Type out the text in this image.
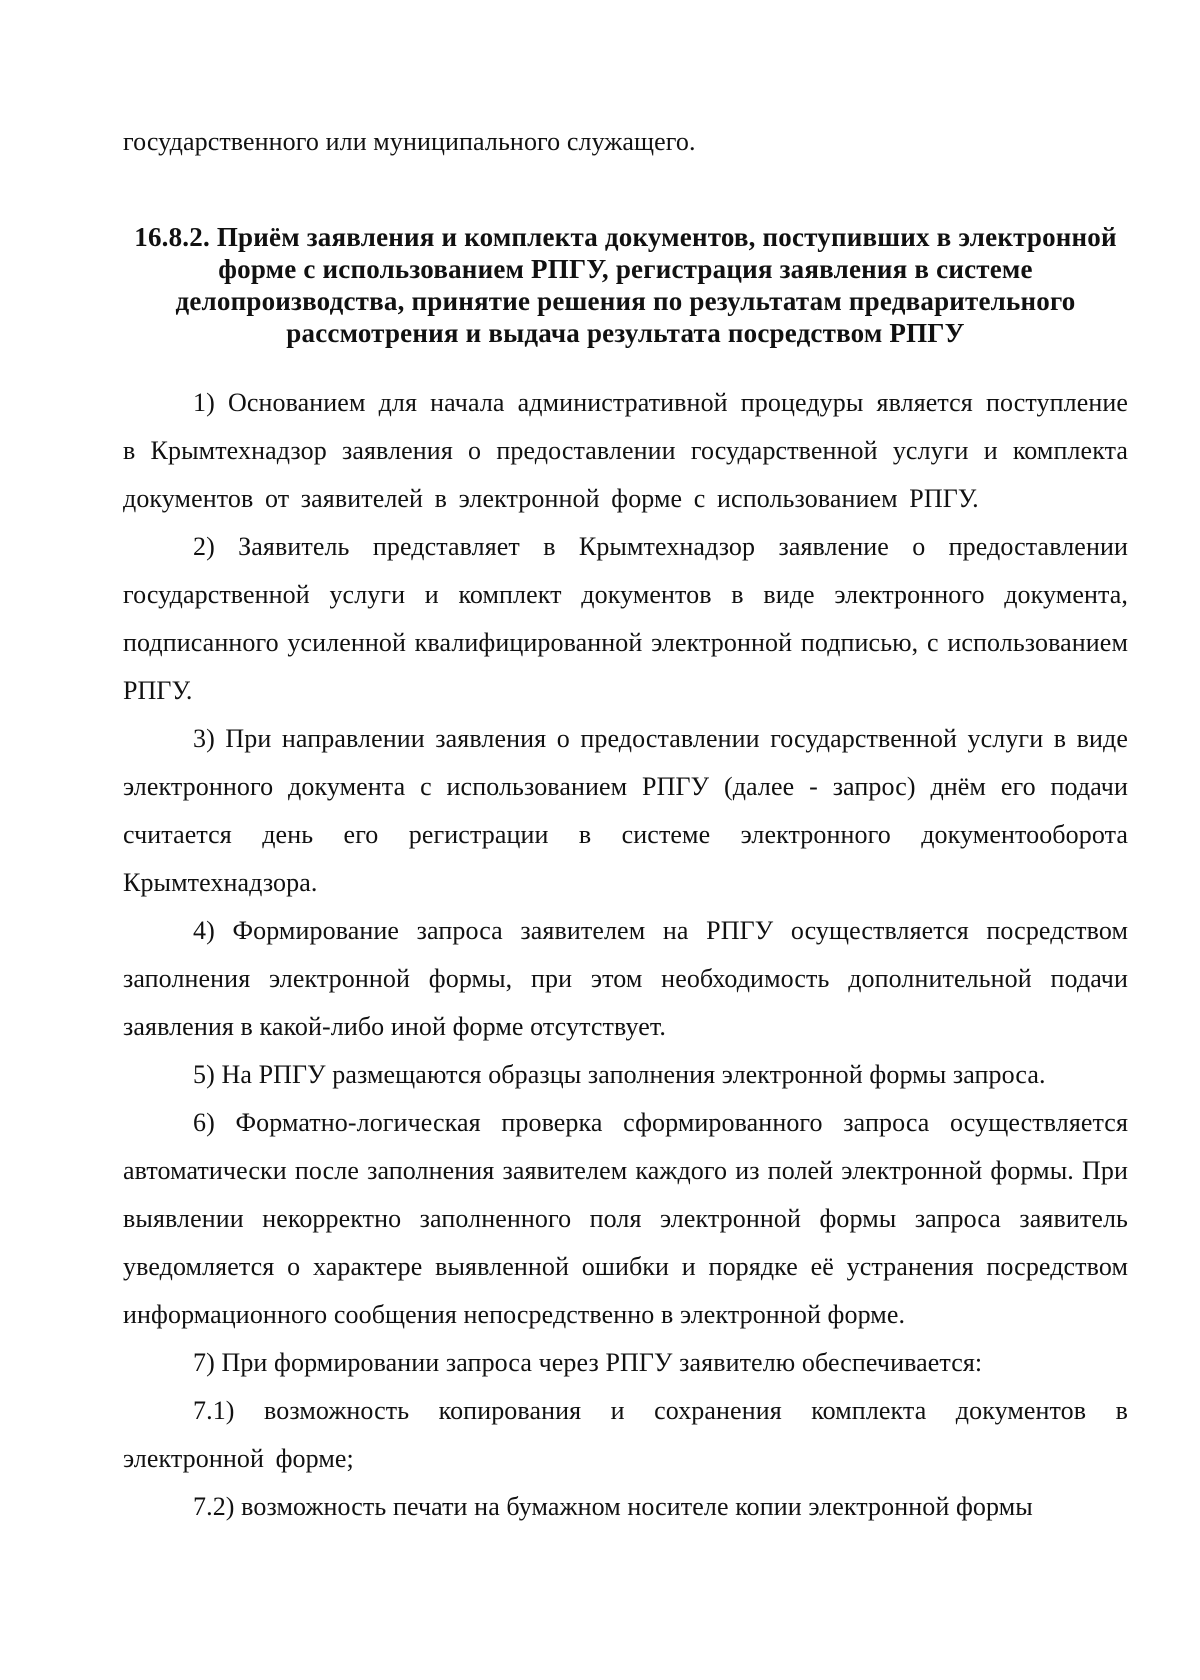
государственного или муниципального служащего.

16.8.2. Приём заявления и комплекта документов, поступивших в электронной форме с использованием РПГУ, регистрация заявления в системе делопроизводства, принятие решения по результатам предварительного рассмотрения и выдача результата посредством РПГУ

1) Основанием для начала административной процедуры является поступление в Крымтехнадзор заявления о предоставлении государственной услуги и комплекта документов от заявителей в электронной форме с использованием РПГУ.

2) Заявитель представляет в Крымтехнадзор заявление о предоставлении государственной услуги и комплект документов в виде электронного документа, подписанного усиленной квалифицированной электронной подписью, с использованием РПГУ.

3) При направлении заявления о предоставлении государственной услуги в виде электронного документа с использованием РПГУ (далее - запрос) днём его подачи считается день его регистрации в системе электронного документооборота Крымтехнадзора.

4) Формирование запроса заявителем на РПГУ осуществляется посредством заполнения электронной формы, при этом необходимость дополнительной подачи заявления в какой-либо иной форме отсутствует.

5) На РПГУ размещаются образцы заполнения электронной формы запроса.

6) Форматно-логическая проверка сформированного запроса осуществляется автоматически после заполнения заявителем каждого из полей электронной формы. При выявлении некорректно заполненного поля электронной формы запроса заявитель уведомляется о характере выявленной ошибки и порядке её устранения посредством информационного сообщения непосредственно в электронной форме.

7) При формировании запроса через РПГУ заявителю обеспечивается:

7.1) возможность копирования и сохранения комплекта документов в электронной форме;

7.2) возможность печати на бумажном носителе копии электронной формы
